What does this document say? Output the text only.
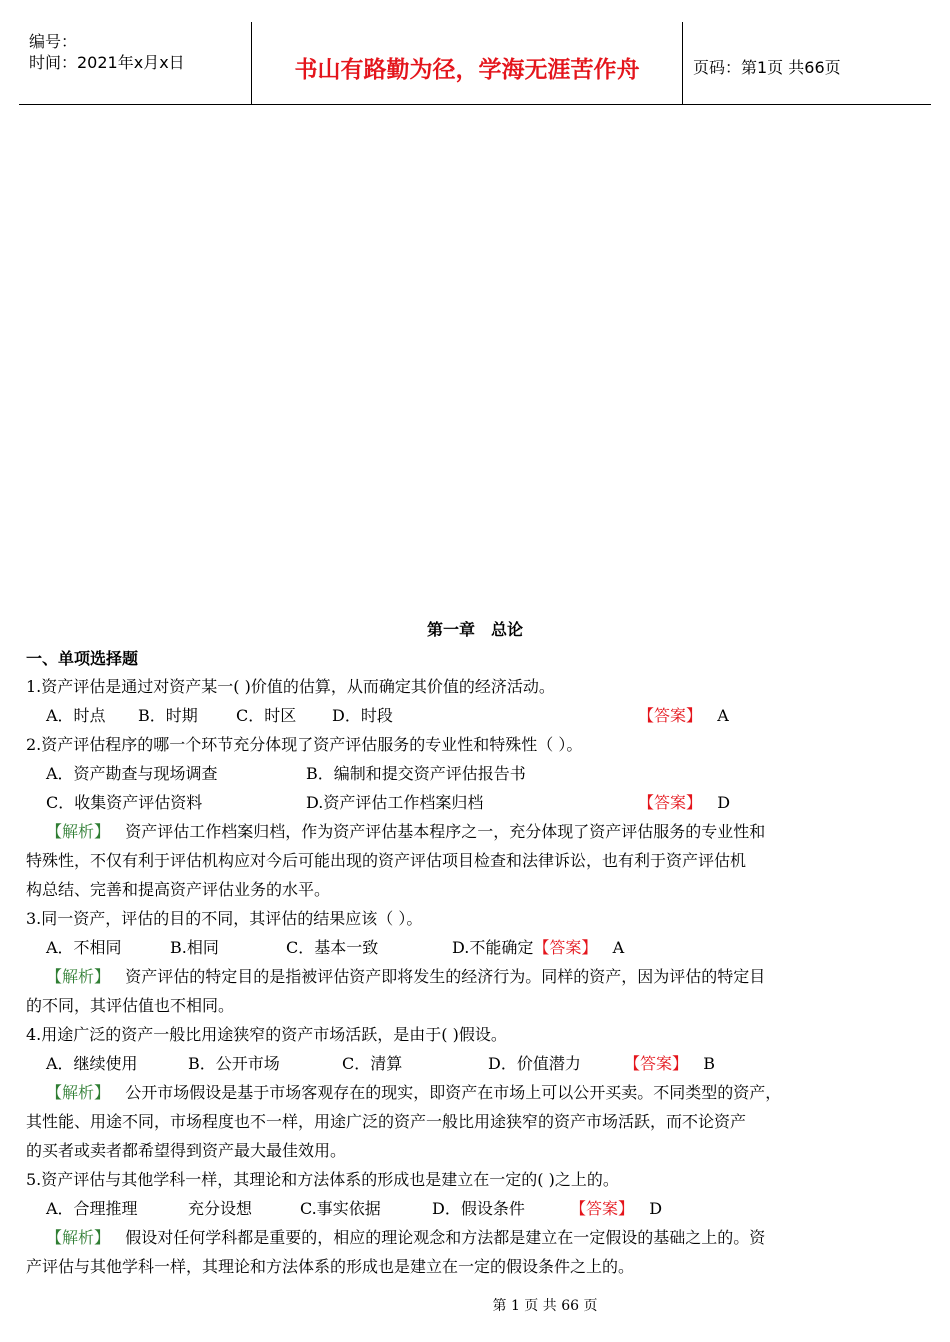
编号：
时间：2021年x月x日	书山有路勤为径，学海无涯苦作舟	页码：第1页 共66页
第一章　总论
一、单项选择题
1.资产评估是通过对资产某一( )价值的估算，从而确定其价值的经济活动。
A．时点 B．时期 C．时区 D．时段	【答案】 A
2.资产评估程序的哪一个环节充分体现了资产评估服务的专业性和特殊性（ ）。
A．资产勘查与现场调查	B．编制和提交资产评估报告书
C．收集资产评估资料	D.资产评估工作档案归档	【答案】 D
【解析】 资产评估工作档案归档，作为资产评估基本程序之一，充分体现了资产评估服务的专业性和
特殊性，不仅有利于评估机构应对今后可能出现的资产评估项目检查和法律诉讼，也有利于资产评估机
构总结、完善和提高资产评估业务的水平。
3.同一资产，评估的目的不同，其评估的结果应该（ ）。
A．不相同	B.相同	C．基本一致	D.不能确定【答案】 A
【解析】 资产评估的特定目的是指被评估资产即将发生的经济行为。同样的资产，因为评估的特定目
的不同，其评估值也不相同。
4.用途广泛的资产一般比用途狭窄的资产市场活跃，是由于( )假设。
A．继续使用	B．公开市场	C．清算	D．价值潜力	【答案】 B
【解析】 公开市场假设是基于市场客观存在的现实，即资产在市场上可以公开买卖。不同类型的资产，
其性能、用途不同，市场程度也不一样，用途广泛的资产一般比用途狭窄的资产市场活跃，而不论资产
的买者或卖者都希望得到资产最大最佳效用。
5.资产评估与其他学科一样，其理论和方法体系的形成也是建立在一定的( )之上的。
A．合理推理	充分设想	C.事实依据	D．假设条件	【答案】 D
【解析】 假设对任何学科都是重要的，相应的理论观念和方法都是建立在一定假设的基础之上的。资
产评估与其他学科一样，其理论和方法体系的形成也是建立在一定的假设条件之上的。
第 1 页 共 66 页
